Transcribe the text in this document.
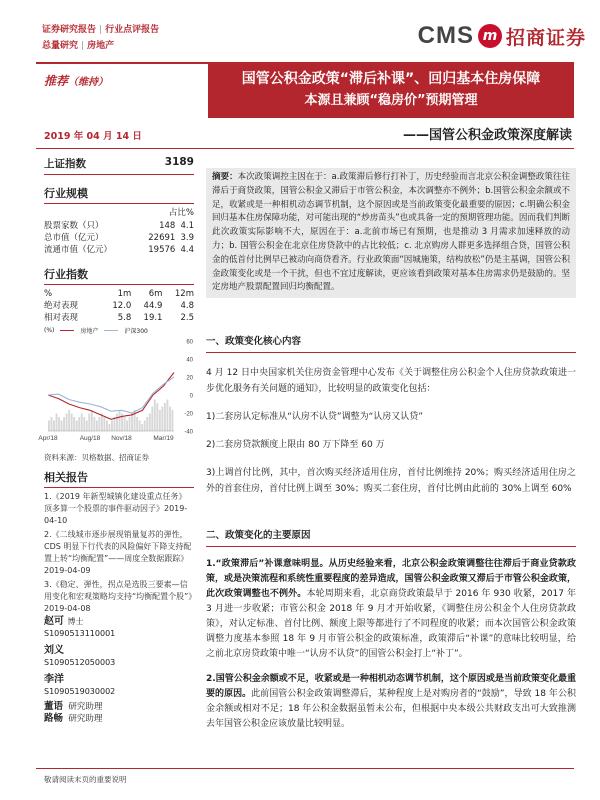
证券研究报告 | 行业点评报告
总量研究 | 房地产	CMS m 招商证券
推荐（维持）	国管公积金政策“滞后补课”、回归基本住房保障
本源且兼顾“稳房价”预期管理
2019 年 04 月 14 日	——国管公积金政策深度解读
上证指数	3189
行业规模
占比%
股票家数（只）	148	4.1
总市值（亿元）	22691	3.9
流通市值（亿元）	19576	4.4
行业指数
%	1m	6m	12m
绝对表现	12.0	44.9	4.8
相对表现	5.8	19.1	2.5
(%)	房地产	沪深300
60
40
20
0
-20
-40
Apr/18	Aug/18 Nov/18	Mar/19
资料来源：贝格数据、招商证券
相关报告
1.《2019 年新型城镇化建设重点任务》 顶多算一个股票的事件驱动因子》2019-04-10
2.《二线城市逐步展现销量复苏的弹性，CDS 明显下行代表的风险偏好下降支持配置上转“均衡配置”——周度全数据跟踪》2019-04-09
3.《稳定、弹性，拐点是选股三要素—信用变化和宏观策略均支持“均衡配置个股”》2019-04-08
赵可 博士
S1090513110001
刘义
S1090512050003
李洋
S1090519030002
董语 研究助理
路畅 研究助理
摘要：本次政策调控主因在于：a.政策滞后修行打补丁，历史经验而言北京公积金调整政策往往滞后于商贷政策，国管公积金又滞后于市管公积金，本次调整亦不例外；b.国管公积金余额或不足，收紧或是一种相机动态调节机制，这个原因或是当前政策变化最重要的原因；c.明确公积金回归基本住房保障功能，对可能出现的“炒房苗头”也或具备一定的预期管理功能。因而我们判断此次政策实际影响不大，原因在于：a.北前市场已有预期，也是推动 3 月需求加速释放的动力；b. 国管公积金在北京住房贷款中的占比较低；c. 北京购房人群更多选择组合贷，国管公积金的低首付比例早已被动向商贷看齐。行业政策面“因城施策，结构放松”仍是主基调，国管公积金政策变化或是一个干扰，但也不宜过度解读，更应该看到政策对基本住房需求仍是鼓励的。坚定房地产股票配置回归均衡配置。
一、政策变化核心内容

4 月 12 日中央国家机关住房资金管理中心发布《关于调整住房公积金个人住房贷款政策进一步优化服务有关问题的通知》，比较明显的政策变化包括：

1)二套房认定标准从“认房不认贷”调整为“认房又认贷”

2)二套房贷款额度上限由 80 万下降至 60 万

3)上调首付比例，其中，首次购买经济适用住房，首付比例维持 20%；购买经济适用住房之外的首套住房，首付比例上调至 30%；购买二套住房，首付比例由此前的 30%上调至 60%

二、政策变化的主要原因

1.“政策滞后”补课意味明显。从历史经验来看，北京公积金政策调整往往滞后于商业贷款政策，或是决策流程和系统性重要程度的差异造成，国管公积金政策又滞后于市管公积金政策，此次政策调整也不例外。本轮周期来看，北京商贷政策最早于 2016 年 930 收紧，2017 年 3 月进一步收紧；市管公积金 2018 年 9 月才开始收紧，《调整住房公积金个人住房贷款政策》，对认定标准、首付比例、额度上限等都进行了不同程度的收紧；而本次国管公积金政策调整力度基本参照 18 年 9 月市管公积金的政策标准，政策滞后“补课”的意味比较明显，给之前北京房贷政策中唯一“认房不认贷”的国管公积金打上“补丁”。

2.国管公积金余额或不足，收紧或是一种相机动态调节机制，这个原因或是当前政策变化最重要的原因。此前国管公积金政策调整滞后，某种程度上是对购房者的“鼓励”，导致 18 年公积金余额或相对不足；18 年公积金数据虽暂未公布，但根据中央本级公共财政支出可大致推测去年国管公积金应该放量比较明显。

敬请阅读末页的重要说明
